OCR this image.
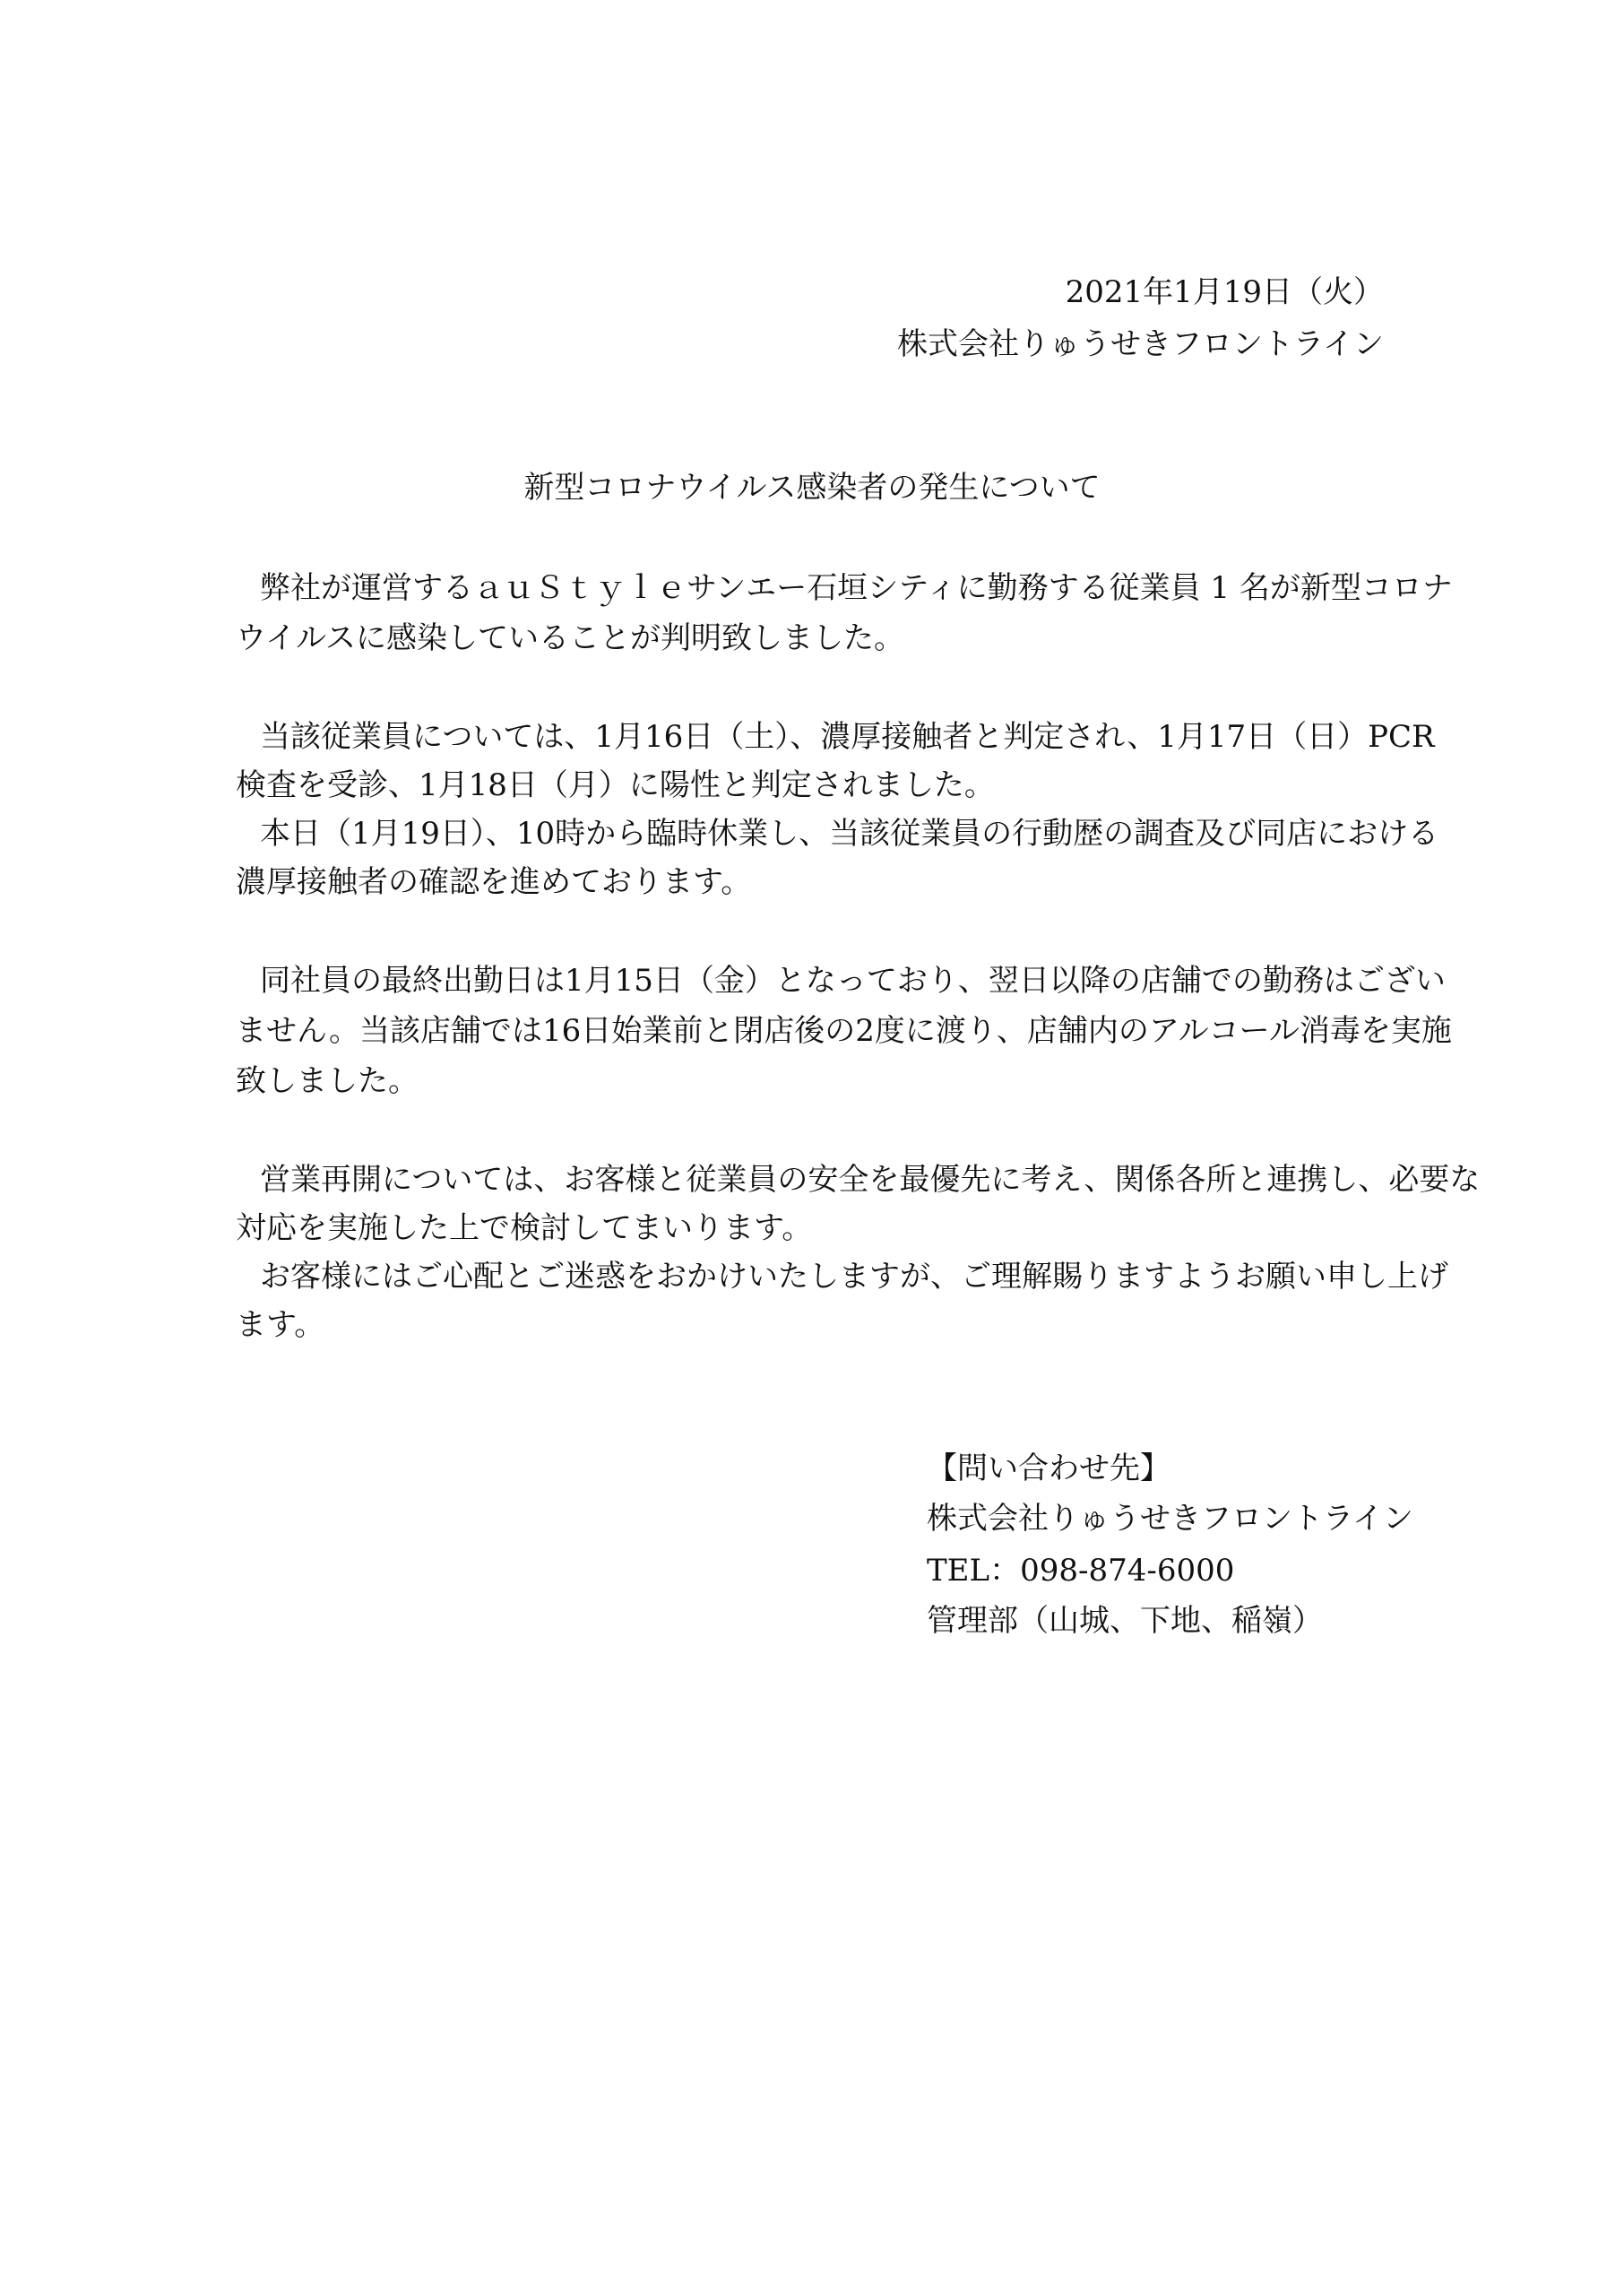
2021年1月19日（火）
株式会社りゅうせきフロントライン
新型コロナウイルス感染者の発生について
弊社が運営するａｕＳｔｙｌｅサンエー石垣シティに勤務する従業員 1 名が新型コロナ
ウイルスに感染していることが判明致しました。
当該従業員については、1月16日（土）、濃厚接触者と判定され、1月17日（日）PCR
検査を受診、1月18日（月）に陽性と判定されました。
本日（1月19日）、10時から臨時休業し、当該従業員の行動歴の調査及び同店における
濃厚接触者の確認を進めております。
同社員の最終出勤日は1月15日（金）となっており、翌日以降の店舗での勤務はござい
ません。当該店舗では16日始業前と閉店後の2度に渡り、店舗内のアルコール消毒を実施
致しました。
営業再開については、お客様と従業員の安全を最優先に考え、関係各所と連携し、必要な
対応を実施した上で検討してまいります。
お客様にはご心配とご迷惑をおかけいたしますが、ご理解賜りますようお願い申し上げ
ます。
【問い合わせ先】
株式会社りゅうせきフロントライン
TEL：098-874-6000
管理部（山城、下地、稲嶺）
